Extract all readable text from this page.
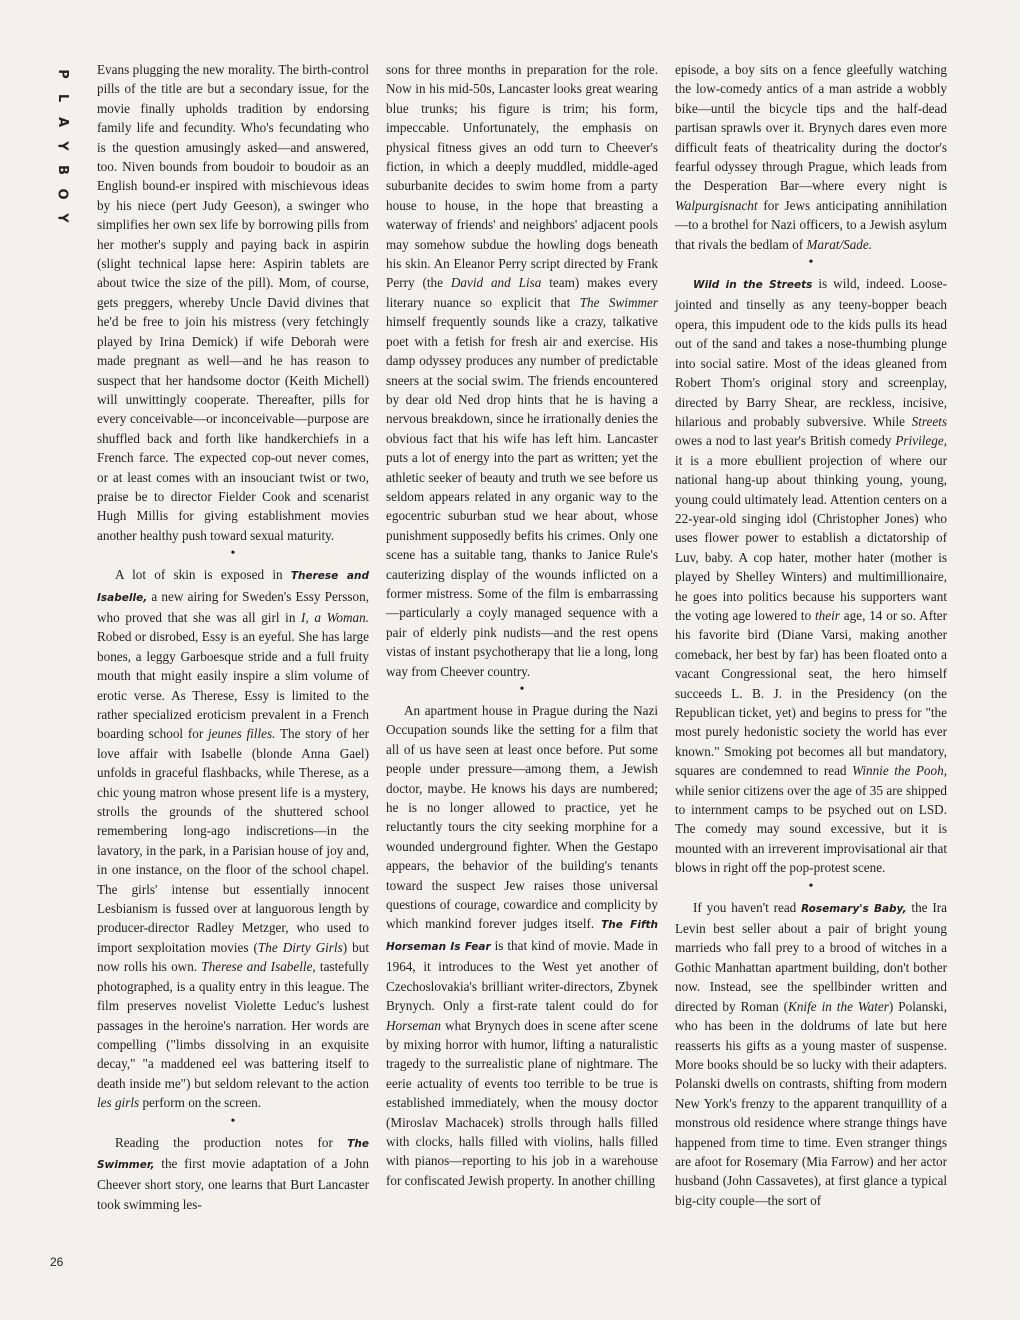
P
L
A
Y
B
O
Y
26

Evans plugging the new morality. The birth-control pills of the title are but a secondary issue, for the movie finally upholds tradition by endorsing family life and fecundity. Who's fecundating who is the question amusingly asked—and answered, too. Niven bounds from boudoir to boudoir as an English bound-er inspired with mischievous ideas by his niece (pert Judy Geeson), a swinger who simplifies her own sex life by borrowing pills from her mother's supply and paying back in aspirin (slight technical lapse here: Aspirin tablets are about twice the size of the pill). Mom, of course, gets preggers, whereby Uncle David divines that he'd be free to join his mistress (very fetchingly played by Irina Demick) if wife Deborah were made pregnant as well—and he has reason to suspect that her handsome doctor (Keith Michell) will unwittingly cooperate. Thereafter, pills for every conceivable—or inconceivable—purpose are shuffled back and forth like handkerchiefs in a French farce. The expected cop-out never comes, or at least comes with an insouciant twist or two, praise be to director Fielder Cook and scenarist Hugh Millis for giving establishment movies another healthy push toward sexual maturity.

•

A lot of skin is exposed in Therese and Isabelle, a new airing for Sweden's Essy Persson, who proved that she was all girl in I, a Woman. Robed or disrobed, Essy is an eyeful. She has large bones, a leggy Garboesque stride and a full fruity mouth that might easily inspire a slim volume of erotic verse. As Therese, Essy is limited to the rather specialized eroticism prevalent in a French boarding school for jeunes filles. The story of her love affair with Isabelle (blonde Anna Gael) unfolds in graceful flashbacks, while Therese, as a chic young matron whose present life is a mystery, strolls the grounds of the shuttered school remembering long-ago indiscretions—in the lavatory, in the park, in a Parisian house of joy and, in one instance, on the floor of the school chapel. The girls' intense but essentially innocent Lesbianism is fussed over at languorous length by producer-director Radley Metzger, who used to import sexploitation movies (The Dirty Girls) but now rolls his own. Therese and Isabelle, tastefully photographed, is a quality entry in this league. The film preserves novelist Violette Leduc's lushest passages in the heroine's narration. Her words are compelling ("limbs dissolving in an exquisite decay," "a maddened eel was battering itself to death inside me") but seldom relevant to the action les girls perform on the screen.

•

Reading the production notes for The Swimmer, the first movie adaptation of a John Cheever short story, one learns that Burt Lancaster took swimming les-

sons for three months in preparation for the role. Now in his mid-50s, Lancaster looks great wearing blue trunks; his figure is trim; his form, impeccable. Unfortunately, the emphasis on physical fitness gives an odd turn to Cheever's fiction, in which a deeply muddled, middle-aged suburbanite decides to swim home from a party house to house, in the hope that breasting a waterway of friends' and neighbors' adjacent pools may somehow subdue the howling dogs beneath his skin. An Eleanor Perry script directed by Frank Perry (the David and Lisa team) makes every literary nuance so explicit that The Swimmer himself frequently sounds like a crazy, talkative poet with a fetish for fresh air and exercise. His damp odyssey produces any number of predictable sneers at the social swim. The friends encountered by dear old Ned drop hints that he is having a nervous breakdown, since he irrationally denies the obvious fact that his wife has left him. Lancaster puts a lot of energy into the part as written; yet the athletic seeker of beauty and truth we see before us seldom appears related in any organic way to the egocentric suburban stud we hear about, whose punishment supposedly befits his crimes. Only one scene has a suitable tang, thanks to Janice Rule's cauterizing display of the wounds inflicted on a former mistress. Some of the film is embarrassing—particularly a coyly managed sequence with a pair of elderly pink nudists—and the rest opens vistas of instant psychotherapy that lie a long, long way from Cheever country.

•

An apartment house in Prague during the Nazi Occupation sounds like the setting for a film that all of us have seen at least once before. Put some people under pressure—among them, a Jewish doctor, maybe. He knows his days are numbered; he is no longer allowed to practice, yet he reluctantly tours the city seeking morphine for a wounded underground fighter. When the Gestapo appears, the behavior of the building's tenants toward the suspect Jew raises those universal questions of courage, cowardice and complicity by which mankind forever judges itself. The Fifth Horseman Is Fear is that kind of movie. Made in 1964, it introduces to the West yet another of Czechoslovakia's brilliant writer-directors, Zbynek Brynych. Only a first-rate talent could do for Horseman what Brynych does in scene after scene by mixing horror with humor, lifting a naturalistic tragedy to the surrealistic plane of nightmare. The eerie actuality of events too terrible to be true is established immediately, when the mousy doctor (Miroslav Machacek) strolls through halls filled with clocks, halls filled with violins, halls filled with pianos—reporting to his job in a warehouse for confiscated Jewish property. In another chilling

episode, a boy sits on a fence gleefully watching the low-comedy antics of a man astride a wobbly bike—until the bicycle tips and the half-dead partisan sprawls over it. Brynych dares even more difficult feats of theatricality during the doctor's fearful odyssey through Prague, which leads from the Desperation Bar—where every night is Walpurgisnacht for Jews anticipating annihilation—to a brothel for Nazi officers, to a Jewish asylum that rivals the bedlam of Marat/Sade.

•

Wild in the Streets is wild, indeed. Loose-jointed and tinselly as any teeny-bopper beach opera, this impudent ode to the kids pulls its head out of the sand and takes a nose-thumbing plunge into social satire. Most of the ideas gleaned from Robert Thom's original story and screenplay, directed by Barry Shear, are reckless, incisive, hilarious and probably subversive. While Streets owes a nod to last year's British comedy Privilege, it is a more ebullient projection of where our national hang-up about thinking young, young, young could ultimately lead. Attention centers on a 22-year-old singing idol (Christopher Jones) who uses flower power to establish a dictatorship of Luv, baby. A cop hater, mother hater (mother is played by Shelley Winters) and multimillionaire, he goes into politics because his supporters want the voting age lowered to their age, 14 or so. After his favorite bird (Diane Varsi, making another comeback, her best by far) has been floated onto a vacant Congressional seat, the hero himself succeeds L. B. J. in the Presidency (on the Republican ticket, yet) and begins to press for "the most purely hedonistic society the world has ever known." Smoking pot becomes all but mandatory, squares are condemned to read Winnie the Pooh, while senior citizens over the age of 35 are shipped to internment camps to be psyched out on LSD. The comedy may sound excessive, but it is mounted with an irreverent improvisational air that blows in right off the pop-protest scene.

•

If you haven't read Rosemary's Baby, the Ira Levin best seller about a pair of bright young marrieds who fall prey to a brood of witches in a Gothic Manhattan apartment building, don't bother now. Instead, see the spellbinder written and directed by Roman (Knife in the Water) Polanski, who has been in the doldrums of late but here reasserts his gifts as a young master of suspense. More books should be so lucky with their adapters. Polanski dwells on contrasts, shifting from modern New York's frenzy to the apparent tranquillity of a monstrous old residence where strange things have happened from time to time. Even stranger things are afoot for Rosemary (Mia Farrow) and her actor husband (John Cassavetes), at first glance a typical big-city couple—the sort of
